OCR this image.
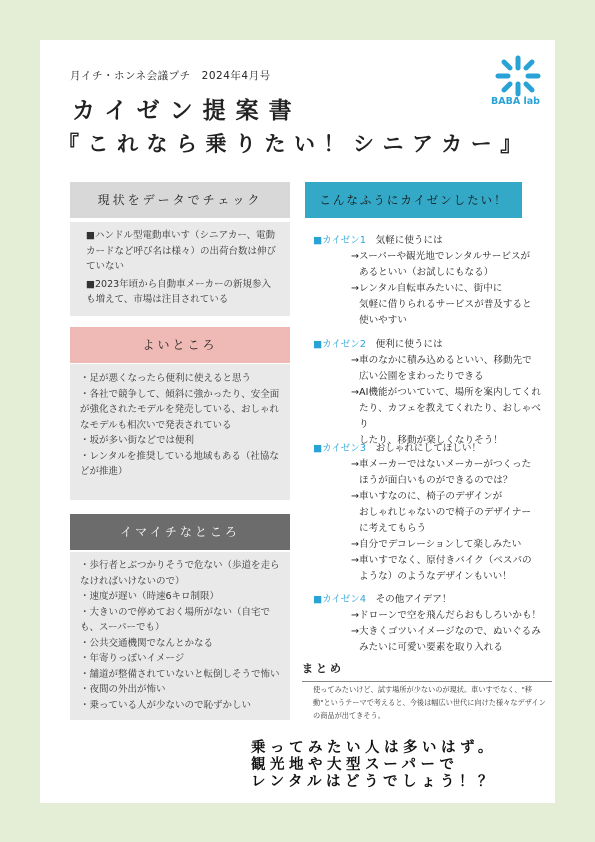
月イチ・ホンネ会議プチ　2024年4月号
カイゼン提案書
『これなら乗りたい！シニアカー』
BABA lab
現状をデータでチェック

■ハンドル型電動車いす（シニアカー、電動カードなど呼び名は様々）の出荷台数は伸びていない

■2023年頃から自動車メーカーの新規参入も増えて、市場は注目されている

よいところ

・足が悪くなったら便利に使えると思う

・各社で競争して、傾斜に強かったり、安全面が強化されたモデルを発売している、おしゃれなモデルも相次いで発表されている

・坂が多い街などでは便利

・レンタルを推奨している地域もある（社協などが推進）

イマイチなところ

・歩行者とぶつかりそうで危ない（歩道を走らなければいけないので）

・速度が遅い（時速6キロ制限）

・大きいので停めておく場所がない（自宅でも、スーパーでも）

・公共交通機関でなんとかなる

・年寄りっぽいイメージ

・舗道が整備されていないと転倒しそうで怖い

・夜間の外出が怖い

・乗っている人が少ないので恥ずかしい

こんなふうにカイゼンしたい！
■カイゼン1　 気軽に使うには
→スーパーや観光地でレンタルサービスが
あるといい（お試しにもなる）
→レンタル自転車みたいに、街中に
気軽に借りられるサービスが普及すると
使いやすい
■カイゼン2　 便利に使うには
→車のなかに積み込めるといい、移動先で
広い公園をまわったりできる
→AI機能がついていて、場所を案内してくれ
たり、カフェを教えてくれたり、おしゃべり
したり、移動が楽しくなりそう！
■カイゼン3　 おしゃれにしてほしい！
→車メーカーではないメーカーがつくった
ほうが面白いものができるのでは？
→車いすなのに、椅子のデザインが
おしゃれじゃないので椅子のデザイナー
に考えてもらう
→自分でデコレーションして楽しみたい
→車いすでなく、原付きバイク（ベスパの
ような）のようなデザインもいい！
■カイゼン4　 その他アイデア！
→ドローンで空を飛んだらおもしろいかも！
→大きくゴツいイメージなので、ぬいぐるみ
みたいに可愛い要素を取り入れる
まとめ
使ってみたいけど、試す場所が少ないのが現状。車いすでなく、"移動"というテーマで考えると、今後は幅広い世代に向けた様々なデザインの商品が出てきそう。
乗ってみたい人は多いはず。
観光地や大型スーパーで
レンタルはどうでしょう！？
